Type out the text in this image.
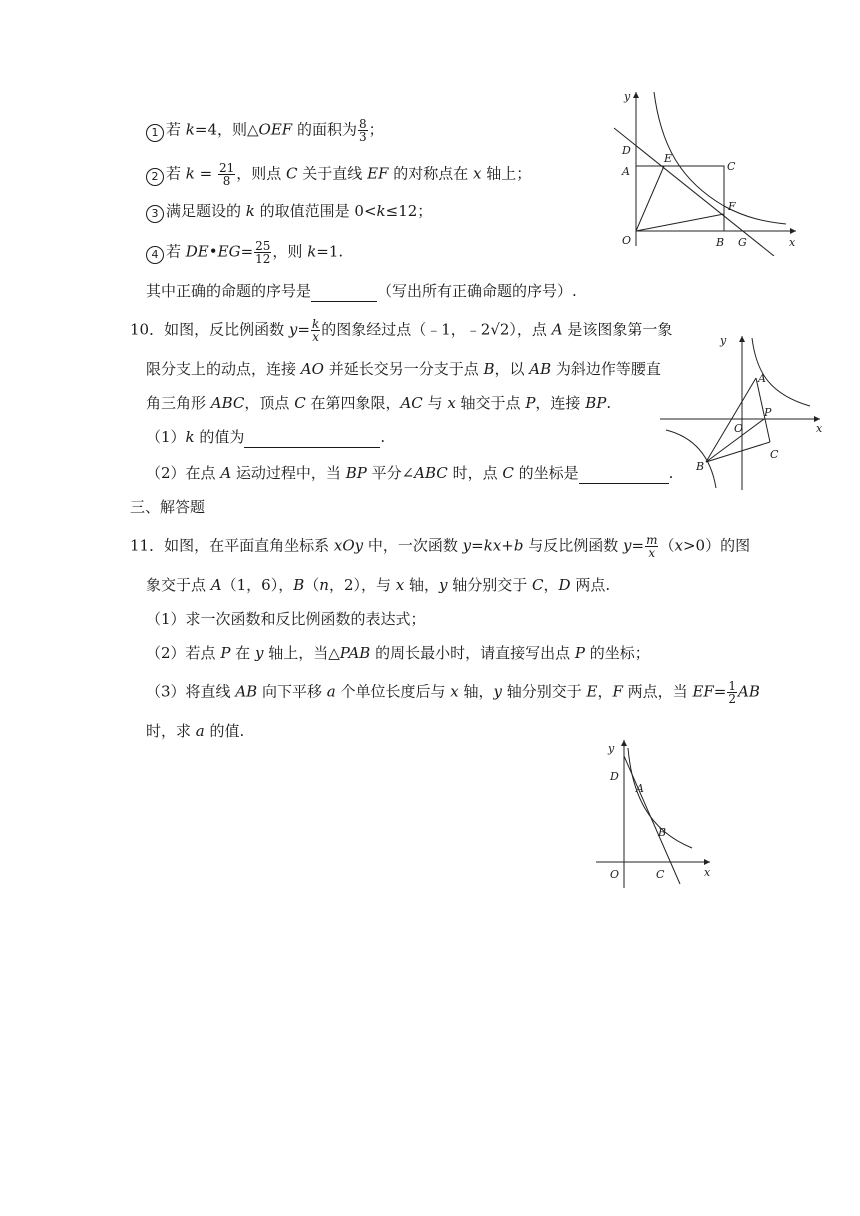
1 若 k=4，则△OEF 的面积为 $\frac{8}{3}$ ；
2 若 $k = \frac{21}{8}$ ，则点 C 关于直线 EF 的对称点在 x 轴上；
3 满足题设的 k 的取值范围是 0<k≤12；
4 若 DE•EG= $\frac{25}{12}$ ，则 k=1.
其中正确的命题的序号是	（写出所有正确命题的序号）.
y
x
D
E
C
A
F
O	B G
10．如图，反比例函数 $y= \frac{k}{x}$ 的图象经过点（﹣1，﹣2√2），点 A 是该图象第一象
限分支上的动点，连接 AO 并延长交另一分支于点 B，以 AB 为斜边作等腰直
角三角形 ABC，顶点 C 在第四象限，AC 与 x 轴交于点 P，连接 BP.
（1）k 的值为	.
（2）在点 A 运动过程中，当 BP 平分∠ABC 时，点 C 的坐标是	.
y
x
A
P
O
B
C
三、解答题
11．如图，在平面直角坐标系 xOy 中，一次函数 y=kx+b 与反比例函数 $y= \frac{m}{x} (x>0)$的图
象交于点 A（1，6），B（n，2），与 x 轴，y 轴分别交于 C，D 两点.
（1）求一次函数和反比例函数的表达式；
（2）若点 P 在 y 轴上，当△PAB 的周长最小时，请直接写出点 P 的坐标；
（3）将直线 AB 向下平移 a 个单位长度后与 x 轴，y 轴分别交于 E，F 两点，当 $EF= \frac{1}{2}$ AB
时，求 a 的值.
y
x
D
A
B
O	C
